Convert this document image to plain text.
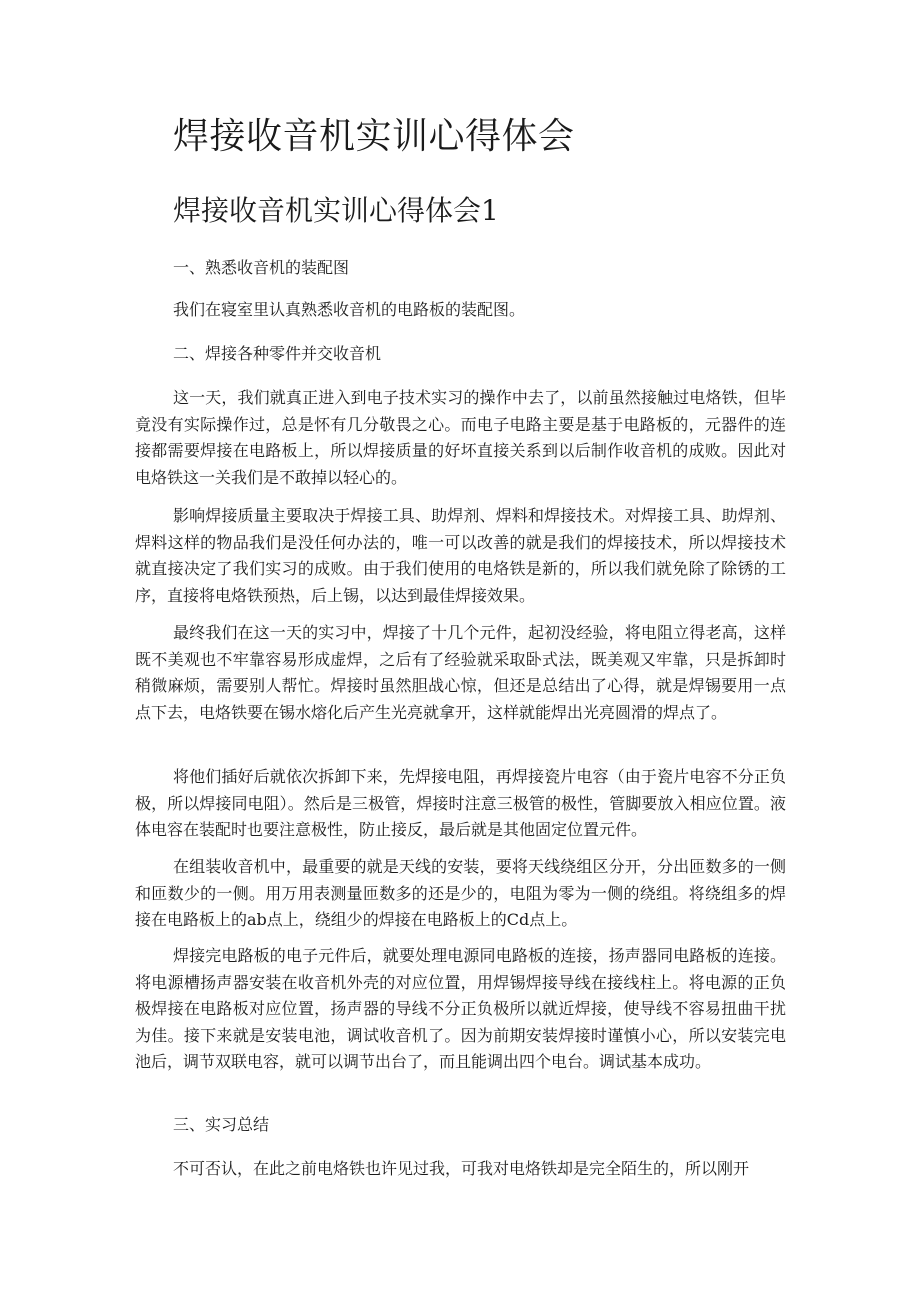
焊接收音机实训心得体会
焊接收音机实训心得体会1

一、熟悉收音机的装配图

我们在寝室里认真熟悉收音机的电路板的装配图。

二、焊接各种零件并交收音机

这一天，我们就真正进入到电子技术实习的操作中去了，以前虽然接触过电烙铁，但毕竟没有实际操作过，总是怀有几分敬畏之心。而电子电路主要是基于电路板的，元器件的连接都需要焊接在电路板上，所以焊接质量的好坏直接关系到以后制作收音机的成败。因此对电烙铁这一关我们是不敢掉以轻心的。

影响焊接质量主要取决于焊接工具、助焊剂、焊料和焊接技术。对焊接工具、助焊剂、焊料这样的物品我们是没任何办法的，唯一可以改善的就是我们的焊接技术，所以焊接技术就直接决定了我们实习的成败。由于我们使用的电烙铁是新的，所以我们就免除了除锈的工序，直接将电烙铁预热，后上锡，以达到最佳焊接效果。

最终我们在这一天的实习中，焊接了十几个元件，起初没经验，将电阻立得老高，这样既不美观也不牢靠容易形成虚焊，之后有了经验就采取卧式法，既美观又牢靠，只是拆卸时稍微麻烦，需要别人帮忙。焊接时虽然胆战心惊，但还是总结出了心得，就是焊锡要用一点点下去，电烙铁要在锡水熔化后产生光亮就拿开，这样就能焊出光亮圆滑的焊点了。

将他们插好后就依次拆卸下来，先焊接电阻，再焊接瓷片电容（由于瓷片电容不分正负极，所以焊接同电阻）。然后是三极管，焊接时注意三极管的极性，管脚要放入相应位置。液体电容在装配时也要注意极性，防止接反，最后就是其他固定位置元件。

在组装收音机中，最重要的就是天线的安装，要将天线绕组区分开，分出匝数多的一侧和匝数少的一侧。用万用表测量匝数多的还是少的，电阻为零为一侧的绕组。将绕组多的焊接在电路板上的ab点上，绕组少的焊接在电路板上的Cd点上。

焊接完电路板的电子元件后，就要处理电源同电路板的连接，扬声器同电路板的连接。将电源槽扬声器安装在收音机外壳的对应位置，用焊锡焊接导线在接线柱上。将电源的正负极焊接在电路板对应位置，扬声器的导线不分正负极所以就近焊接，使导线不容易扭曲干扰为佳。接下来就是安装电池，调试收音机了。因为前期安装焊接时谨慎小心，所以安装完电池后，调节双联电容，就可以调节出台了，而且能调出四个电台。调试基本成功。

三、实习总结

不可否认，在此之前电烙铁也许见过我，可我对电烙铁却是完全陌生的，所以刚开
